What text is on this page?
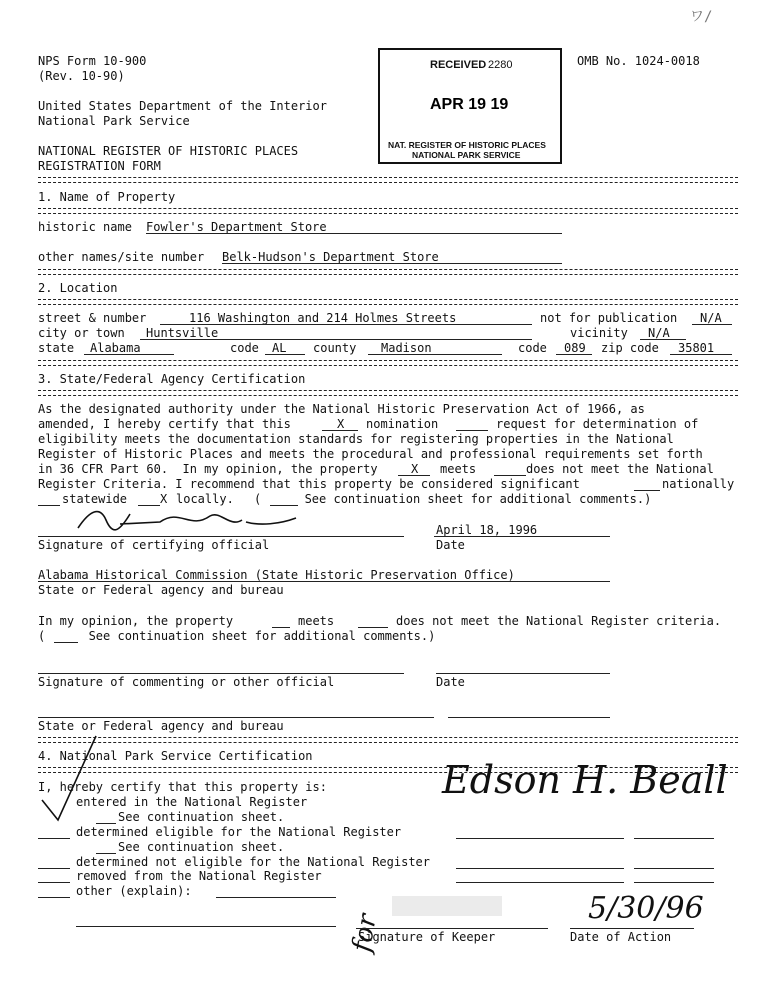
ワ/
NPS Form 10-900
(Rev. 10-90)
OMB No. 1024-0018
United States Department of the Interior
National Park Service
NATIONAL REGISTER OF HISTORIC PLACES
REGISTRATION FORM
RECEIVED 2280
APR 19 19
NAT. REGISTER OF HISTORIC PLACES
NATIONAL PARK SERVICE
1. Name of Property
historic name Fowler's Department Store
other names/site number Belk-Hudson's Department Store
2. Location
street & number	116 Washington and 214 Holmes Streets	not for publication N/A
city or town Huntsville	vicinity N/A
state Alabama	code AL county Madison	code 089 zip code 35801
3. State/Federal Agency Certification
As the designated authority under the National Historic Preservation Act of 1966, as
amended, I hereby certify that this	X nomination	request for determination of
eligibility meets the documentation standards for registering properties in the National
Register of Historic Places and meets the procedural and professional requirements set forth
in 36 CFR Part 60.  In my opinion, the property	X meets	does not meet the National
Register Criteria. I recommend that this property be considered significant	nationally
statewide	X locally. (      See continuation sheet for additional comments.)
Signature of certifying official
April 18, 1996
Date
Alabama Historical Commission (State Historic Preservation Office)
State or Federal agency and bureau
In my opinion, the property	meets	does not meet the National Register criteria.
(      See continuation sheet for additional comments.)
Signature of commenting or other official	Date
State or Federal agency and bureau
4. National Park Service Certification
I, hereby certify that this property is:
entered in the National Register
See continuation sheet.
determined eligible for the National Register
See continuation sheet.
determined not eligible for the National Register
removed from the National Register
other (explain):
Edson H. Beall
for
Signature of Keeper
5/30/96
Date of Action
